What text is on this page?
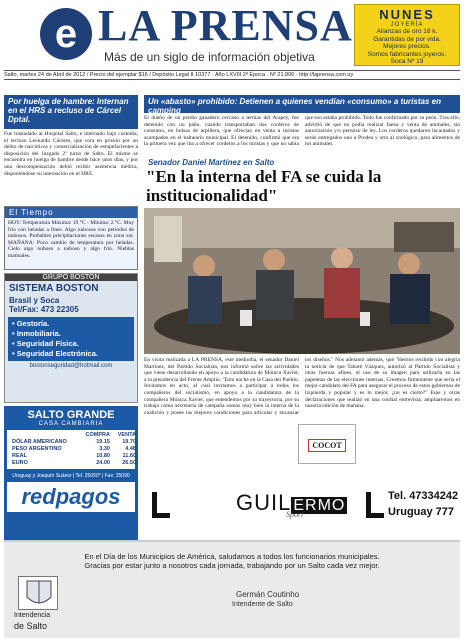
e LA PRENSA
Más de un siglo de información objetiva
NUNES
JOYERÍA
Alianzas de oro 18 k.
Garantidas de por vida.
Mejores precios.
Somos fabricantes joyeros.
Soca Nº 19
Salto, martes 24 de Abril de 2012 / Precio del ejemplar $16 / Depósito Legal II 10377 · Año LXVIII 2ª Época · Nº 21.806 · http://laprensa.com.uy
Por huelga de hambre: Internan en el HRS a recluso de Cárcel Dptal.
Fue trasladado al Hospital Salto, e internado bajo custodia, el recluso Leonardo Cáceres, que cora en prisión por un delito de narcóticos y comercialización de estupefacientes a disposición del Juzgado 2º turno de Salto. El mismo se encuentra en huelga de hambre desde hace unos días, y por una descompensación debió recibir asistencia médica, disponiéndose su internación en el HRS.
El Tiempo
HOY: Temperatura Máxima: 19 °C - Mínima: 2 °C. Muy frío con heladas a fines. Algo nubosos con períodos de nubosos. Probables precipitaciones escasas en zona sur. MAÑANA: Poco cambio de temperatura por heladas. Cielo algo nuboso a nuboso y algo frío. Nieblas matinales.
GRUPO BOSTON
SISTEMA BOSTON
Brasil y Soca
Tel/Fax: 473 22305
• Gestoría.
• Inmobiliaria.
• Seguridad Física.
• Seguridad Electrónica.
bostonseguridad@hotmail.com
SALTO GRANDE
CASA CAMBIARIA
	COMPRA	VENTA
DÓLAR AMERICANO	19.15	19.70
PESO ARGENTINO	3.30	4.48
REAL	10.80	11.60
EURO	24.00	26.50
Uruguay y Joaquín Suárez | Tel. 25090* | Fax: 25090
redpagos
Un «abasto» prohibido: Detienen a quienes vendían «consumo» a turistas en camping
El dueño de un predio ganadero cercano a termas del Arapey, fue detenido con un paño, cuando transportaban dos corderos de consumo, en bolsas de arpillera, que ofrecían en venta a turistas acampados en el balneario municipal. El detenido, confirmó que era la primera vez que iba a ofrecer corderos a los turistas y que no sabía que eso estaba prohibido. Todo fue confirmado por su peón. Tras ello, advirtió de que no podía realizar faena y venta de animales, sin autorización y/o permiso de ley. Los corderos quedaron incautados y serán entregados uno a Prodea y otro al zoológico, para alimentos de los animales.
Senador Daniel Martínez en Salto
"En la interna del FA se cuida la institucionalidad"
En visita realizada a LA PRENSA, este mediodía, el senador Daniel Martínez, del Partido Socialista, nos informó sobre las actividades que viene desarrollando en apoyo a la candidatura de Mónica Xavier, a la presidencia del Frente Amplio. "Esta noche en la Casa del Pueblo. Invitamos en acto, al cual invitamos a participar a todos los compañeros del socialismo, en apoyo a la candidatura de la compañera Mónica Xavier, que entendemos por su trayectoria, por su trabajo como secretaria de campaña somos muy bien la interna de la coalición y posee las mejores condiciones para articular y encauzar los diseños." Nos adelantó además, que "Hemos recibido con alegría la noticia de que Tabaré Vázquez, autorizó al Partido Socialista y otras fuerzas afines, el uso de su imagen para utilizarla en las papeletas de las elecciones internas. Creemos firmemente que sería el mejor candidato del FA para asegurar el proceso de estos gobiernos de izquierda y popular y es lo mejor, ¿no es cierto?" Esas y otras declaraciones que realizó en una cordial entrevista, ampliaremos en nuestra edición de mañana.
COCOT
GUIL ERMO
Sport
Tel. 47334242
Uruguay 777
En el Día de los Municipios de América, saludamos a todos los funcionarios municipales.
Gracias por estar junto a nosotros cada jornada, trabajando por un Salto cada vez mejor.
Intendencia
de Salto
Germán Coutinho
Intendente de Salto
